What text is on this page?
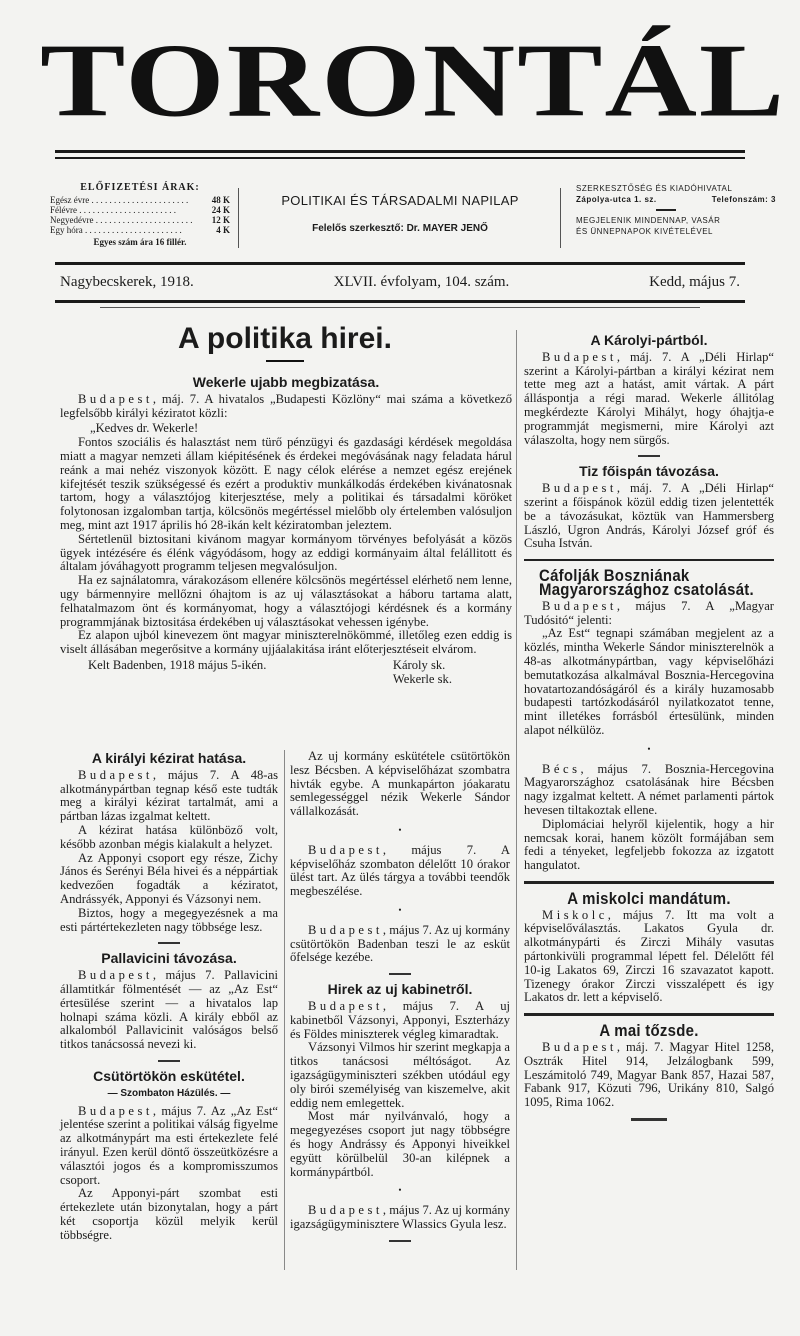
TORONTÁL
ELŐFIZETÉSI ÁRAK:
Egész évre . . .	48 K
Félévre . . .	24 K
Negyedévre . . .	12 K
Egy hóra . . .	4 K
Egyes szám ára 16 fillér.
POLITIKAI ÉS TÁRSADALMI NAPILAP
Felelős szerkesztő: Dr. MAYER JENŐ
SZERKESZTŐSÉG ÉS KIADÓHIVATAL
Zápolya-utca 1. sz.	Telefonszám: 3
MEGJELENIK MINDENNAP, VASÁR
ÉS ÜNNEPNAPOK KIVÉTELÉVEL
Nagybecskerek, 1918.	XLVII. évfolyam, 104. szám.	Kedd, május 7.
A politika hirei.
Wekerle ujabb megbizatása.

Budapest, máj. 7. A hivatalos „Budapesti Közlöny“ mai száma a következő legfelsőbb királyi kéziratot közli:

„Kedves dr. Wekerle!

Fontos szociális és halasztást nem türő pénzügyi és gazdasági kérdések megoldása miatt a magyar nemzeti állam kiépitésének és érdekei megóvásának nagy feladata hárul reánk a mai nehéz viszonyok között. E nagy célok elérése a nemzet egész erejének kifejtését teszik szükségessé és ezért a produktiv munkálkodás érdekében kivánatosnak tartom, hogy a választójog kiterjesztése, mely a politikai és társadalmi köröket folytonosan izgalomban tartja, kölcsönös megértéssel mielőbb oly értelemben valósuljon meg, mint azt 1917 április hó 28-ikán kelt kéziratomban jeleztem.

Sértetlenül biztositani kivánom magyar kormányom törvényes befolyását a közös ügyek intézésére és élénk vágyódásom, hogy az eddigi kormányaim által felállitott és általam jóváhagyott programm teljesen megvalósuljon.

Ha ez sajnálatomra, várakozásom ellenére kölcsönös megértéssel elérhető nem lenne, ugy bármennyire mellőzni óhajtom is az uj választásokat a háboru tartama alatt, felhatalmazom önt és kormányomat, hogy a választójogi kérdésnek és a kormány programmjának biztositása érdekében uj választásokat vehessen igénybe.

Ez alapon ujból kinevezem önt magyar miniszterelnökömmé, illetőleg ezen eddig is viselt állásában megerősitve a kormány ujjáalakitása iránt előterjesztéseit elvárom.

Kelt Badenben, 1918 május 5-ikén.	Károly sk.
Wekerle sk.
A királyi kézirat hatása.

Budapest, május 7. A 48-as alkotmánypártban tegnap késő este tudták meg a királyi kézirat tartalmát, ami a pártban lázas izgalmat keltett.

A kézirat hatása különböző volt, később azonban mégis kialakult a helyzet.

Az Apponyi csoport egy része, Zichy János és Serényi Béla hivei és a néppártiak kedvezően fogadták a kéziratot, Andrássyék, Apponyi és Vázsonyi nem.

Biztos, hogy a megegyezésnek a ma esti pártértekezleten nagy többsége lesz.

Pallavicini távozása.

Budapest, május 7. Pallavicini államtitkár fölmentését — az „Az Est“ értesülése szerint — a hivatalos lap holnapi száma közli. A király ebből az alkalomból Pallavicinit valóságos belső titkos tanácsossá nevezi ki.

Csütörtökön eskütétel.
— Szombaton Házülés. —

Budapest, május 7. Az „Az Est“ jelentése szerint a politikai válság figyelme az alkotmánypárt ma esti értekezlete felé irányul. Ezen kerül döntő összeütközésre a választói jogos és a kompromisszumos csoport.

Az Apponyi-párt szombat esti értekezlete után bizonytalan, hogy a párt két csoportja közül melyik kerül többségre.

Az uj kormány eskütétele csütörtökön lesz Bécsben. A képviselőházat szombatra hivták egybe. A munkapárton jóakaratu semlegességgel nézik Wekerle Sándor vállalkozását.

•

Budapest, május 7. A képviselőház szombaton délelőtt 10 órakor ülést tart. Az ülés tárgya a további teendők megbeszélése.

•

Budapest, május 7. Az uj kormány csütörtökön Badenban teszi le az esküt őfelsége kezébe.

Hirek az uj kabinetről.

Budapest, május 7. A uj kabinetből Vázsonyi, Apponyi, Eszterházy és Földes miniszterek végleg kimaradtak.

Vázsonyi Vilmos hir szerint megkapja a titkos tanácsosi méltóságot. Az igazságügyminiszteri székben utódául egy oly birói személyiség van kiszemelve, akit eddig nem emlegettek.

Most már nyilvánvaló, hogy a megegyezéses csoport jut nagy többségre és hogy Andrássy és Apponyi hiveikkel együtt körülbelül 30-an kilépnek a kormánypártból.

•

Budapest, május 7. Az uj kormány igazságügyminisztere Wlassics Gyula lesz.

A Károlyi-pártból.

Budapest, máj. 7. A „Déli Hirlap“ szerint a Károlyi-pártban a királyi kézirat nem tette meg azt a hatást, amit vártak. A párt álláspontja a régi marad. Wekerle állitólag megkérdezte Károlyi Mihályt, hogy óhajtja-e programmját megismerni, mire Károlyi azt válaszolta, hogy nem sürgős.

Tiz főispán távozása.

Budapest, máj. 7. A „Déli Hirlap“ szerint a főispánok közül eddig tizen jelentették be a távozásukat, köztük van Hammersberg László, Ugron András, Károlyi József gróf és Csuha István.

Cáfolják Boszniának Magyarországhoz csatolását.

Budapest, május 7. A „Magyar Tudósitó“ jelenti:

„Az Est“ tegnapi számában megjelent az a közlés, mintha Wekerle Sándor miniszterelnök a 48-as alkotmánypártban, vagy képviselőházi bemutatkozása alkalmával Bosznia-Hercegovina hovatartozandóságáról és a király huzamosabb budapesti tartózkodásáról nyilatkozatot tenne, mint illetékes forrásból értesülünk, minden alapot nélkülöz.

•

Bécs, május 7. Bosznia-Hercegovina Magyarországhoz csatolásának hire Bécsben nagy izgalmat keltett. A német parlamenti pártok hevesen tiltakoztak ellene.

Diplomáciai helyről kijelentik, hogy a hir nemcsak korai, hanem közölt formájában sem fedi a tényeket, legfeljebb fokozza az izgatott hangulatot.

A miskolci mandátum.

Miskolc, május 7. Itt ma volt a képviselőválasztás. Lakatos Gyula dr. alkotmánypárti és Zirczi Mihály vasutas pártonkivüli programmal lépett fel. Délelőtt fél 10-ig Lakatos 69, Zirczi 16 szavazatot kapott. Tizenegy órakor Zirczi visszalépett és igy Lakatos dr. lett a képviselő.

A mai tőzsde.

Budapest, máj. 7. Magyar Hitel 1258, Osztrák Hitel 914, Jelzálogbank 599, Leszámitoló 749, Magyar Bank 857, Hazai 587, Fabank 917, Közuti 796, Urikány 810, Salgó 1095, Rima 1062.
